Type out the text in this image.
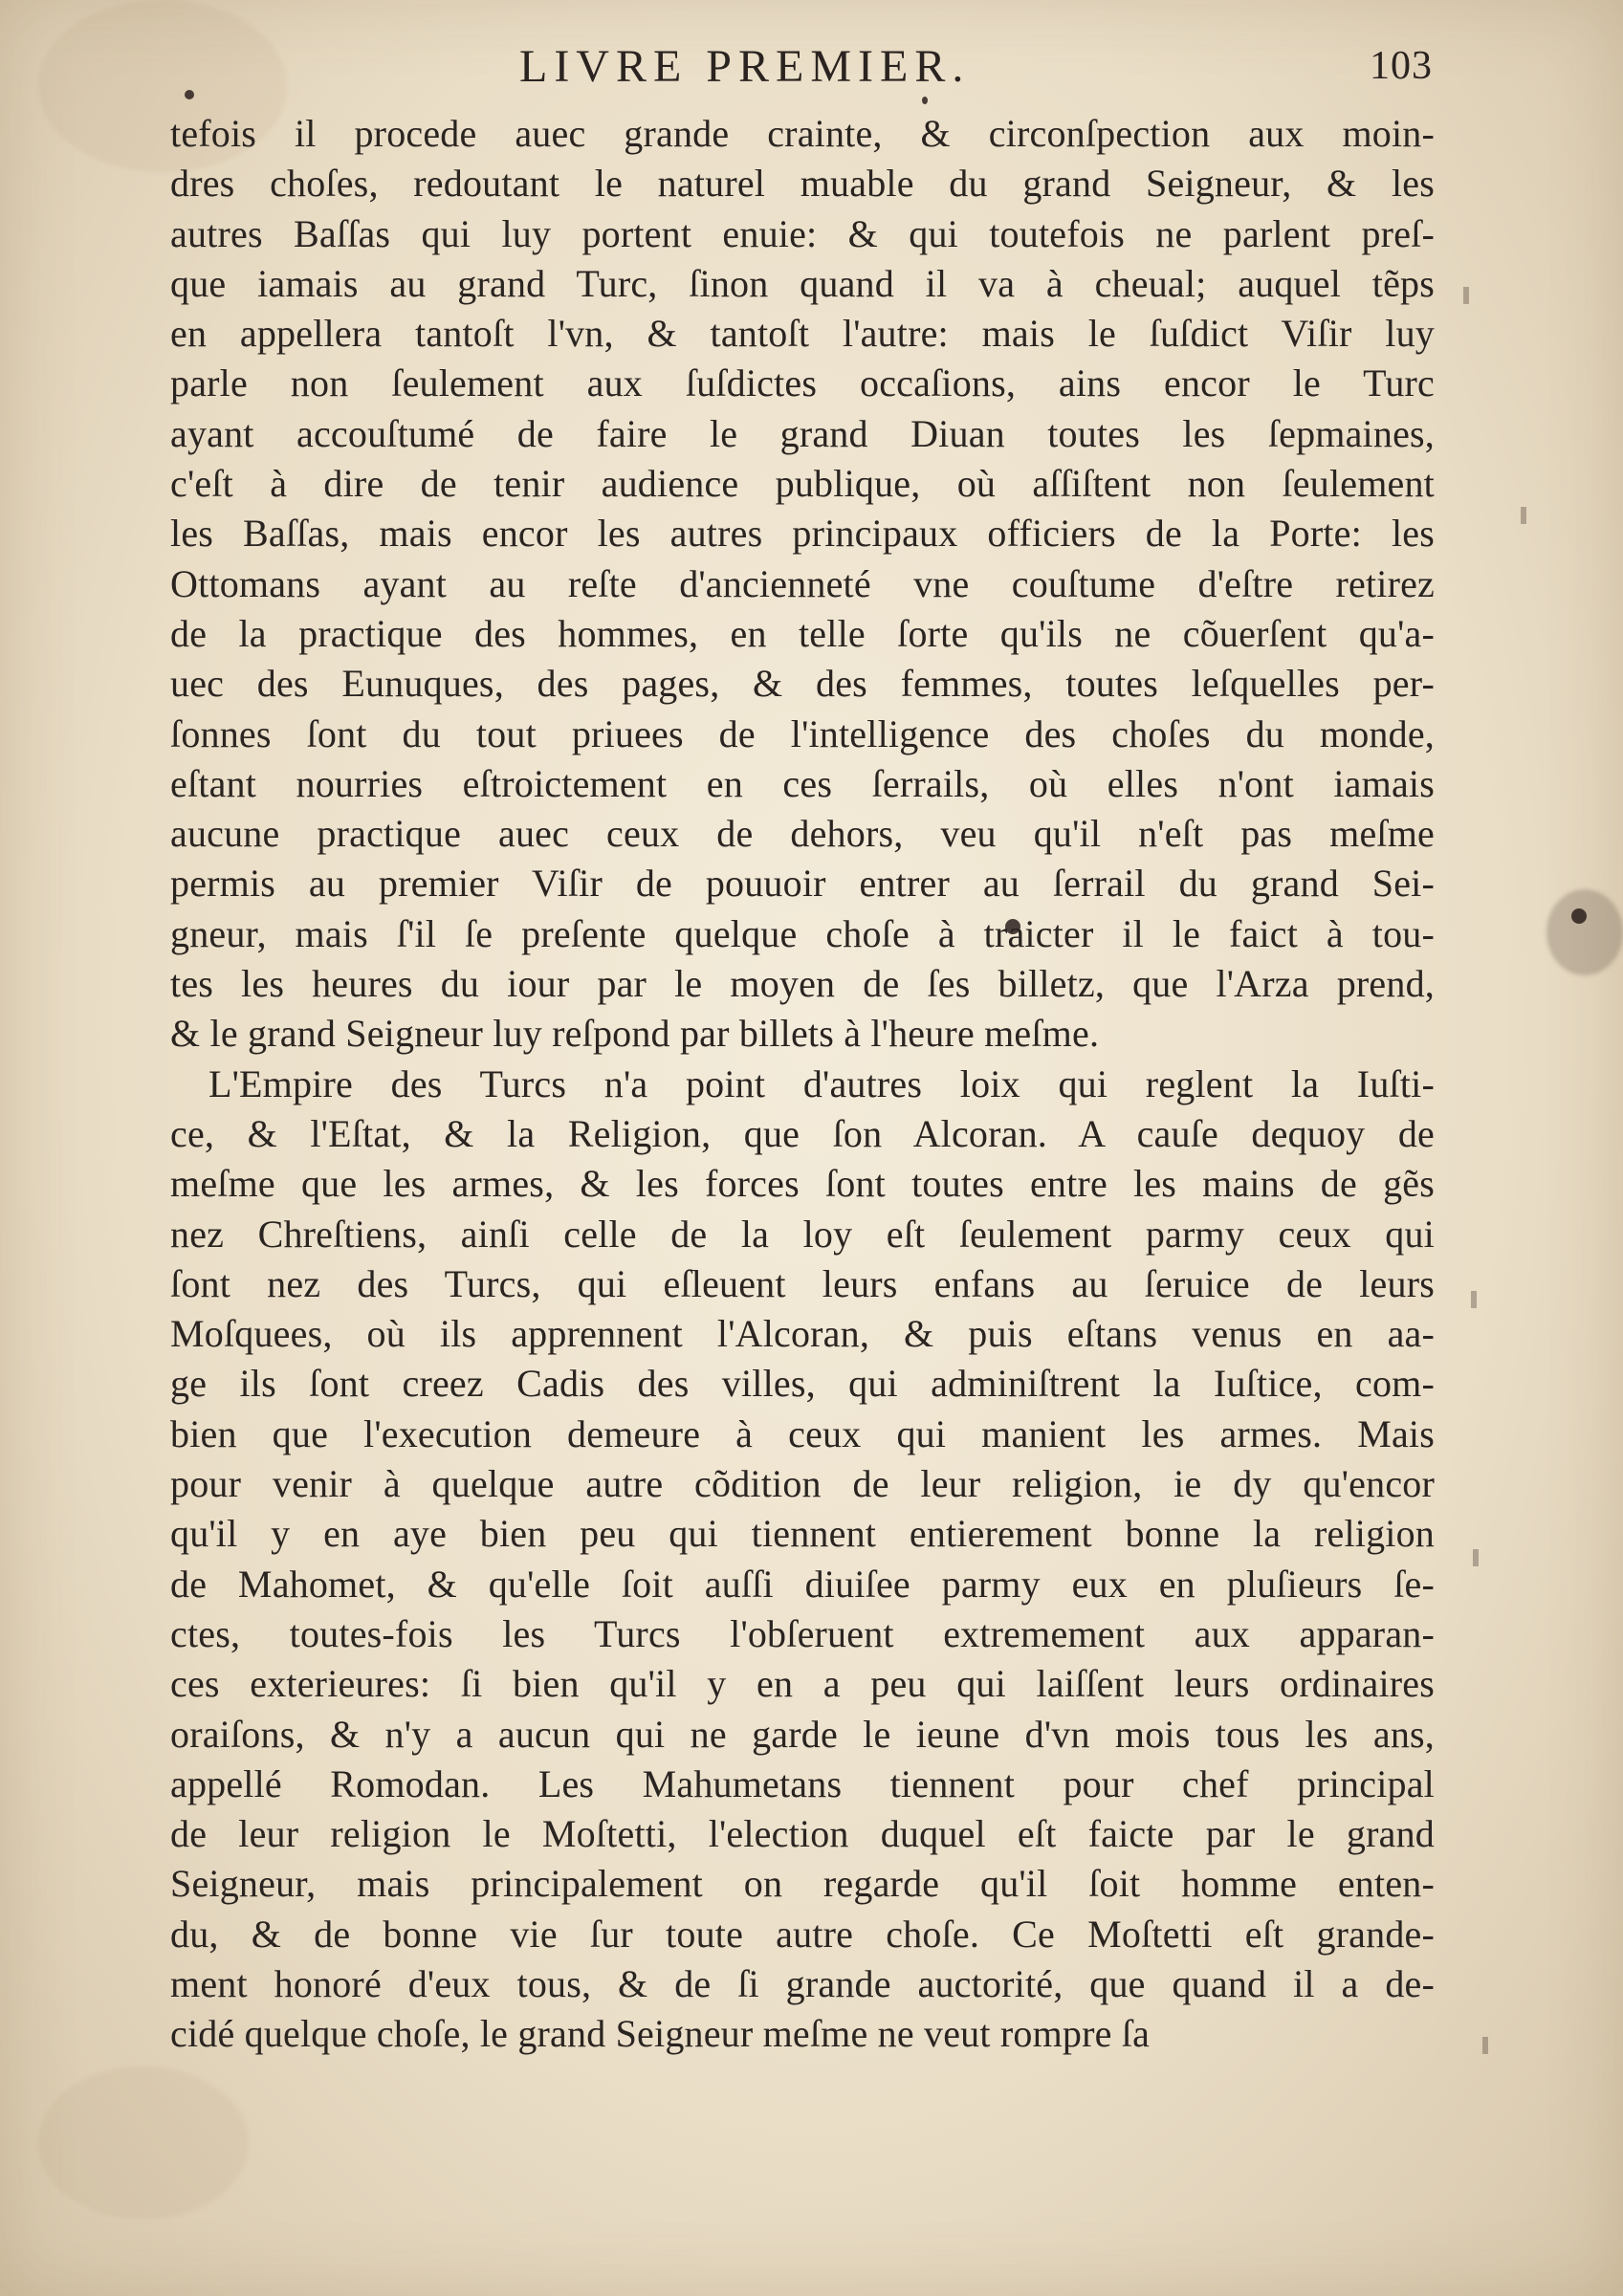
LIVRE PREMIER.	103
tefois il procede auec grande crainte, & circonſpection aux moin-
dres choſes, redoutant le naturel muable du grand Seigneur, & les
autres Baſſas qui luy portent enuie: & qui toutefois ne parlent preſ-
que iamais au grand Turc, ſinon quand il va à cheual; auquel tẽps
en appellera tantoſt l'vn, & tantoſt l'autre: mais le ſuſdict Viſir luy
parle non ſeulement aux ſuſdictes occaſions, ains encor le Turc
ayant accouſtumé de faire le grand Diuan toutes les ſepmaines,
c'eſt à dire de tenir audience publique, où aſſiſtent non ſeulement
les Baſſas, mais encor les autres principaux officiers de la Porte: les
Ottomans ayant au reſte d'ancienneté vne couſtume d'eſtre retirez
de la practique des hommes, en telle ſorte qu'ils ne cõuerſent qu'a-
uec des Eunuques, des pages, & des femmes, toutes leſquelles per-
ſonnes ſont du tout priuees de l'intelligence des choſes du monde,
eſtant nourries eſtroictement en ces ſerrails, où elles n'ont iamais
aucune practique auec ceux de dehors, veu qu'il n'eſt pas meſme
permis au premier Viſir de pouuoir entrer au ſerrail du grand Sei-
gneur, mais ſ'il ſe preſente quelque choſe à traicter il le faict à tou-
tes les heures du iour par le moyen de ſes billetz, que l'Arza prend,
& le grand Seigneur luy reſpond par billets à l'heure meſme.
L'Empire des Turcs n'a point d'autres loix qui reglent la Iuſti-
ce, & l'Eſtat, & la Religion, que ſon Alcoran. A cauſe dequoy de
meſme que les armes, & les forces ſont toutes entre les mains de gẽs
nez Chreſtiens, ainſi celle de la loy eſt ſeulement parmy ceux qui
ſont nez des Turcs, qui eſleuent leurs enfans au ſeruice de leurs
Moſquees, où ils apprennent l'Alcoran, & puis eſtans venus en aa-
ge ils ſont creez Cadis des villes, qui adminiſtrent la Iuſtice, com-
bien que l'execution demeure à ceux qui manient les armes. Mais
pour venir à quelque autre cõdition de leur religion, ie dy qu'encor
qu'il y en aye bien peu qui tiennent entierement bonne la religion
de Mahomet, & qu'elle ſoit auſſi diuiſee parmy eux en pluſieurs ſe-
ctes, toutes-fois les Turcs l'obſeruent extremement aux apparan-
ces exterieures: ſi bien qu'il y en a peu qui laiſſent leurs ordinaires
oraiſons, & n'y a aucun qui ne garde le ieune d'vn mois tous les ans,
appellé Romodan. Les Mahumetans tiennent pour chef principal
de leur religion le Moſtetti, l'election duquel eſt faicte par le grand
Seigneur, mais principalement on regarde qu'il ſoit homme enten-
du, & de bonne vie ſur toute autre choſe. Ce Moſtetti eſt grande-
ment honoré d'eux tous, & de ſi grande auctorité, que quand il a de-
cidé quelque choſe, le grand Seigneur meſme ne veut rompre ſa
